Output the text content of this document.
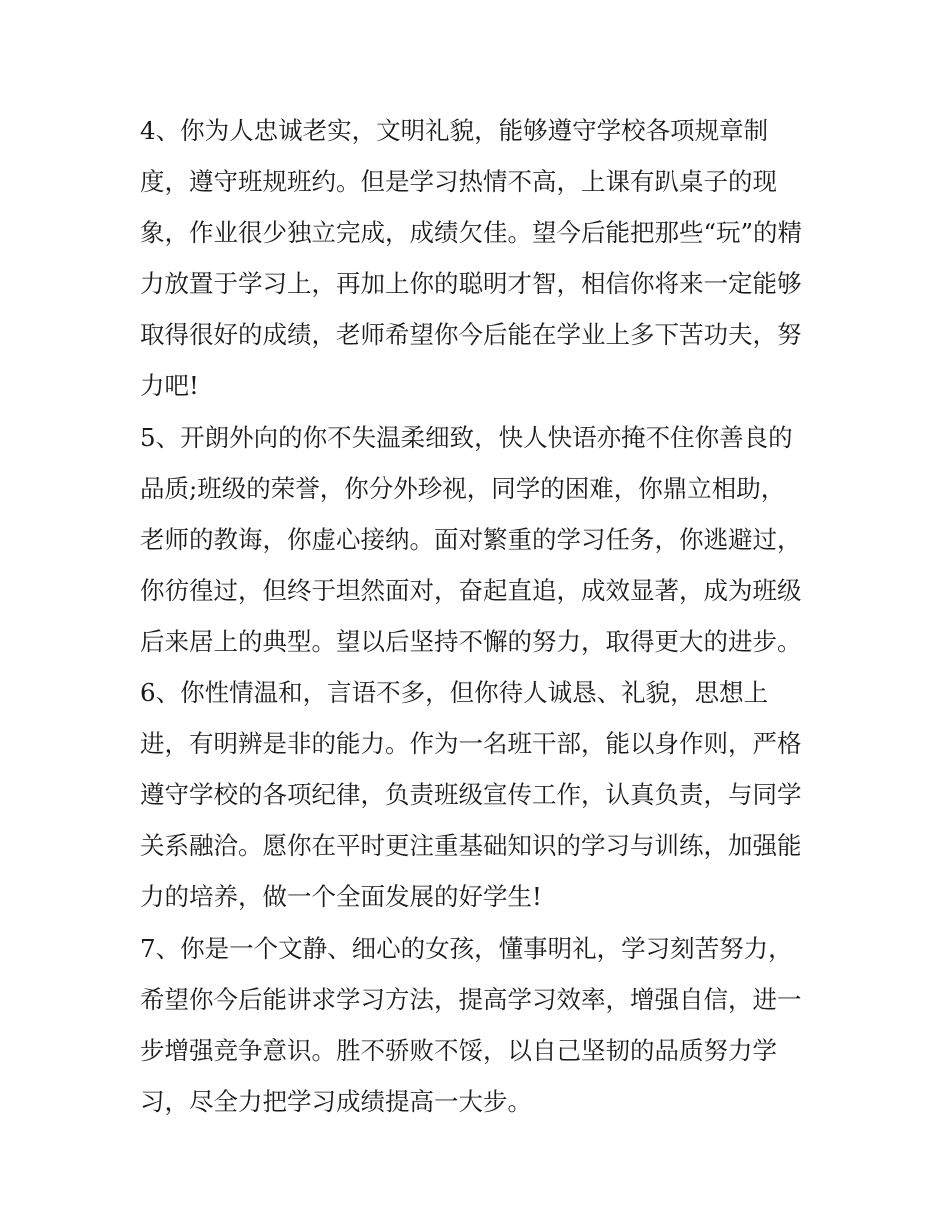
4、你为人忠诚老实，文明礼貌，能够遵守学校各项规章制
度，遵守班规班约。但是学习热情不高，上课有趴桌子的现
象，作业很少独立完成，成绩欠佳。望今后能把那些“玩”的精
力放置于学习上，再加上你的聪明才智，相信你将来一定能够
取得很好的成绩，老师希望你今后能在学业上多下苦功夫，努
力吧!
5、开朗外向的你不失温柔细致，快人快语亦掩不住你善良的
品质;班级的荣誉，你分外珍视，同学的困难，你鼎立相助，
老师的教诲，你虚心接纳。面对繁重的学习任务，你逃避过，
你彷徨过，但终于坦然面对，奋起直追，成效显著，成为班级
后来居上的典型。望以后坚持不懈的努力，取得更大的进步。
6、你性情温和，言语不多，但你待人诚恳、礼貌，思想上
进，有明辨是非的能力。作为一名班干部，能以身作则，严格
遵守学校的各项纪律，负责班级宣传工作，认真负责，与同学
关系融洽。愿你在平时更注重基础知识的学习与训练，加强能
力的培养，做一个全面发展的好学生!
7、你是一个文静、细心的女孩，懂事明礼，学习刻苦努力，
希望你今后能讲求学习方法，提高学习效率，增强自信，进一
步增强竞争意识。胜不骄败不馁，以自己坚韧的品质努力学
习，尽全力把学习成绩提高一大步。
